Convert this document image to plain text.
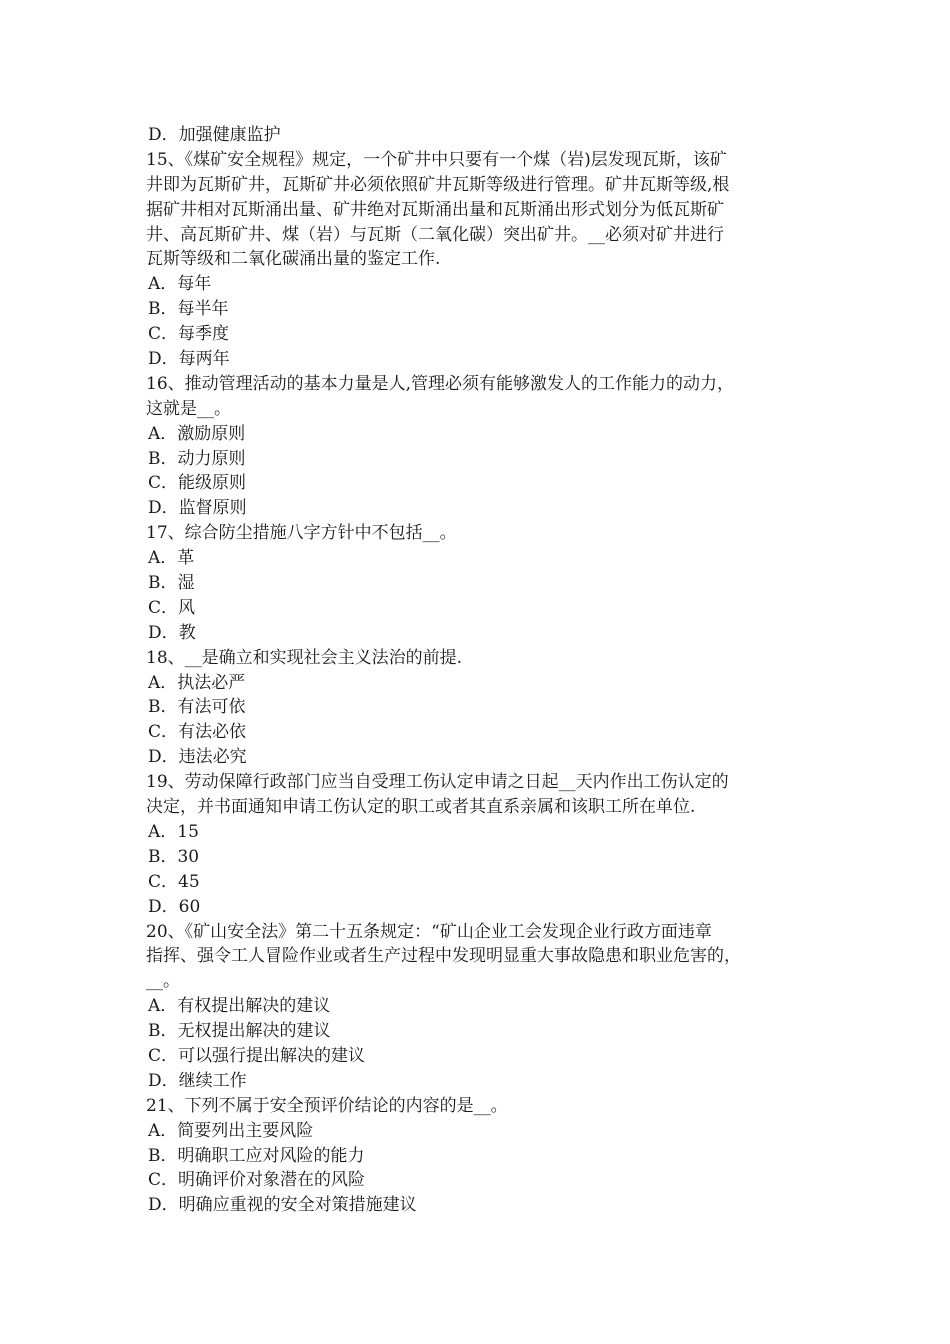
D．加强健康监护
15、《煤矿安全规程》规定，一个矿井中只要有一个煤（岩)层发现瓦斯，该矿
井即为瓦斯矿井，瓦斯矿井必须依照矿井瓦斯等级进行管理。矿井瓦斯等级,根
据矿井相对瓦斯涌出量、矿井绝对瓦斯涌出量和瓦斯涌出形式划分为低瓦斯矿
井、高瓦斯矿井、煤（岩）与瓦斯（二氧化碳）突出矿井。__必须对矿井进行
瓦斯等级和二氧化碳涌出量的鉴定工作.
A．每年
B．每半年
C．每季度
D．每两年
16、推动管理活动的基本力量是人,管理必须有能够激发人的工作能力的动力，
这就是__。
A．激励原则
B．动力原则
C．能级原则
D．监督原则
17、综合防尘措施八字方针中不包括__。
A．革
B．湿
C．风
D．教
18、__是确立和实现社会主义法治的前提.
A．执法必严
B．有法可依
C．有法必依
D．违法必究
19、劳动保障行政部门应当自受理工伤认定申请之日起__天内作出工伤认定的
决定，并书面通知申请工伤认定的职工或者其直系亲属和该职工所在单位.
A．15
B．30
C．45
D．60
20、《矿山安全法》第二十五条规定：“矿山企业工会发现企业行政方面违章
指挥、强令工人冒险作业或者生产过程中发现明显重大事故隐患和职业危害的，
__。
A．有权提出解决的建议
B．无权提出解决的建议
C．可以强行提出解决的建议
D．继续工作
21、下列不属于安全预评价结论的内容的是__。
A．简要列出主要风险
B．明确职工应对风险的能力
C．明确评价对象潜在的风险
D．明确应重视的安全对策措施建议
